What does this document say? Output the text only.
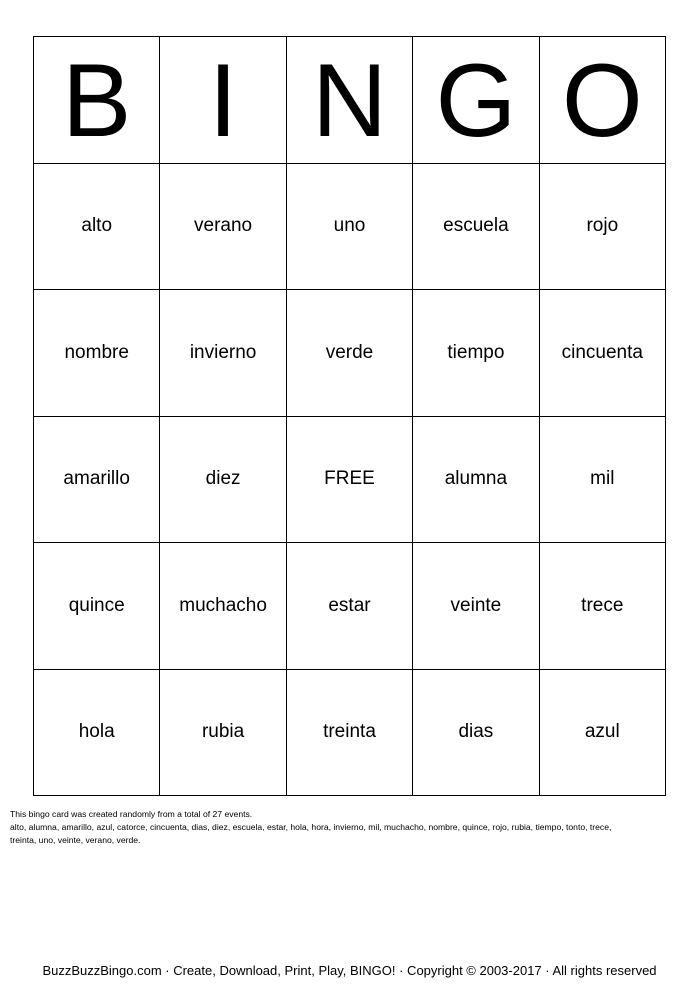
B I N G O
alto	verano	uno	escuela	rojo
nombre	invierno	verde	tiempo	cincuenta
amarillo	diez	FREE	alumna	mil
quince	muchacho	estar	veinte	trece
hola	rubia	treinta	dias	azul
This bingo card was created randomly from a total of 27 events.
alto, alumna, amarillo, azul, catorce, cincuenta, dias, diez, escuela, estar, hola, hora, invierno, mil, muchacho, nombre, quince, rojo, rubia, tiempo, tonto, trece,
treinta, uno, veinte, verano, verde.
BuzzBuzzBingo.com · Create, Download, Print, Play, BINGO! · Copyright © 2003-2017 · All rights reserved
